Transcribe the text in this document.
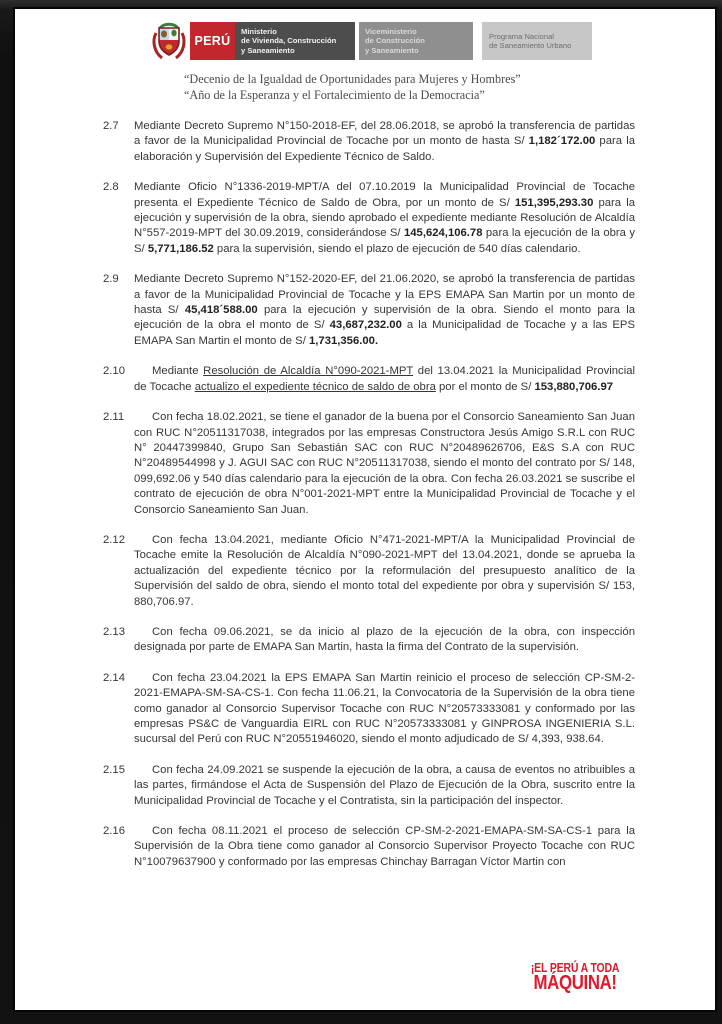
PERÚ
Ministerio
de Vivienda, Construcción
y Saneamiento
Viceministerio
de Construcción
y Saneamiento
Programa Nacional
de Saneamiento Urbano
“Decenio de la Igualdad de Oportunidades para Mujeres y Hombres”
“Año de la Esperanza y el Fortalecimiento de la Democracia”
2.7	Mediante Decreto Supremo N°150-2018-EF, del 28.06.2018, se aprobó la transferencia de partidas a favor de la Municipalidad Provincial de Tocache por un monto de hasta S/ 1,182´172.00 para la elaboración y Supervisión del Expediente Técnico de Saldo.
2.8	Mediante Oficio N°1336-2019-MPT/A del 07.10.2019 la Municipalidad Provincial de Tocache presenta el Expediente Técnico de Saldo de Obra, por un monto de S/ 151,395,293.30 para la ejecución y supervisión de la obra, siendo aprobado el expediente mediante Resolución de Alcaldía N°557-2019-MPT del 30.09.2019, considerándose S/ 145,624,106.78 para la ejecución de la obra y S/ 5,771,186.52 para la supervisión, siendo el plazo de ejecución de 540 días calendario.
2.9	Mediante Decreto Supremo N°152-2020-EF, del 21.06.2020, se aprobó la transferencia de partidas a favor de la Municipalidad Provincial de Tocache y la EPS EMAPA San Martin por un monto de hasta S/ 45,418´588.00 para la ejecución y supervisión de la obra. Siendo el monto para la ejecución de la obra el monto de S/ 43,687,232.00 a la Municipalidad de Tocache y a las EPS EMAPA San Martin el monto de S/ 1,731,356.00.
2.10	Mediante Resolución de Alcaldía N°090-2021-MPT del 13.04.2021 la Municipalidad Provincial de Tocache actualizo el expediente técnico de saldo de obra por el monto de S/ 153,880,706.97
2.11	Con fecha 18.02.2021, se tiene el ganador de la buena por el Consorcio Saneamiento San Juan con RUC N°20511317038, integrados por las empresas Constructora Jesús Amigo S.R.L con RUC N° 20447399840, Grupo San Sebastián SAC con RUC N°20489626706, E&S S.A con RUC N°20489544998 y J. AGUI SAC con RUC N°20511317038, siendo el monto del contrato por S/ 148, 099,692.06 y 540 días calendario para la ejecución de la obra. Con fecha 26.03.2021 se suscribe el contrato de ejecución de obra N°001-2021-MPT entre la Municipalidad Provincial de Tocache y el Consorcio Saneamiento San Juan.
2.12	Con fecha 13.04.2021, mediante Oficio N°471-2021-MPT/A la Municipalidad Provincial de Tocache emite la Resolución de Alcaldía N°090-2021-MPT del 13.04.2021, donde se aprueba la actualización del expediente técnico por la reformulación del presupuesto analítico de la Supervisión del saldo de obra, siendo el monto total del expediente por obra y supervisión S/ 153, 880,706.97.
2.13	Con fecha 09.06.2021, se da inicio al plazo de la ejecución de la obra, con inspección designada por parte de EMAPA San Martin, hasta la firma del Contrato de la supervisión.
2.14	Con fecha 23.04.2021 la EPS EMAPA San Martin reinicio el proceso de selección CP-SM-2-2021-EMAPA-SM-SA-CS-1. Con fecha 11.06.21, la Convocatoria de la Supervisión de la obra tiene como ganador al Consorcio Supervisor Tocache con RUC N°20573333081 y conformado por las empresas PS&C de Vanguardia EIRL con RUC N°20573333081 y GINPROSA INGENIERIA S.L. sucursal del Perú con RUC N°20551946020, siendo el monto adjudicado de S/ 4,393, 938.64.
2.15	Con fecha 24.09.2021 se suspende la ejecución de la obra, a causa de eventos no atribuibles a las partes, firmándose el Acta de Suspensión del Plazo de Ejecución de la Obra, suscrito entre la Municipalidad Provincial de Tocache y el Contratista, sin la participación del inspector.
2.16	Con fecha 08.11.2021 el proceso de selección CP-SM-2-2021-EMAPA-SM-SA-CS-1 para la Supervisión de la Obra tiene como ganador al Consorcio Supervisor Proyecto Tocache con RUC N°10079637900 y conformado por las empresas Chinchay Barragan Víctor Martin con
¡EL PERÚ A TODA
MÁQUINA!
